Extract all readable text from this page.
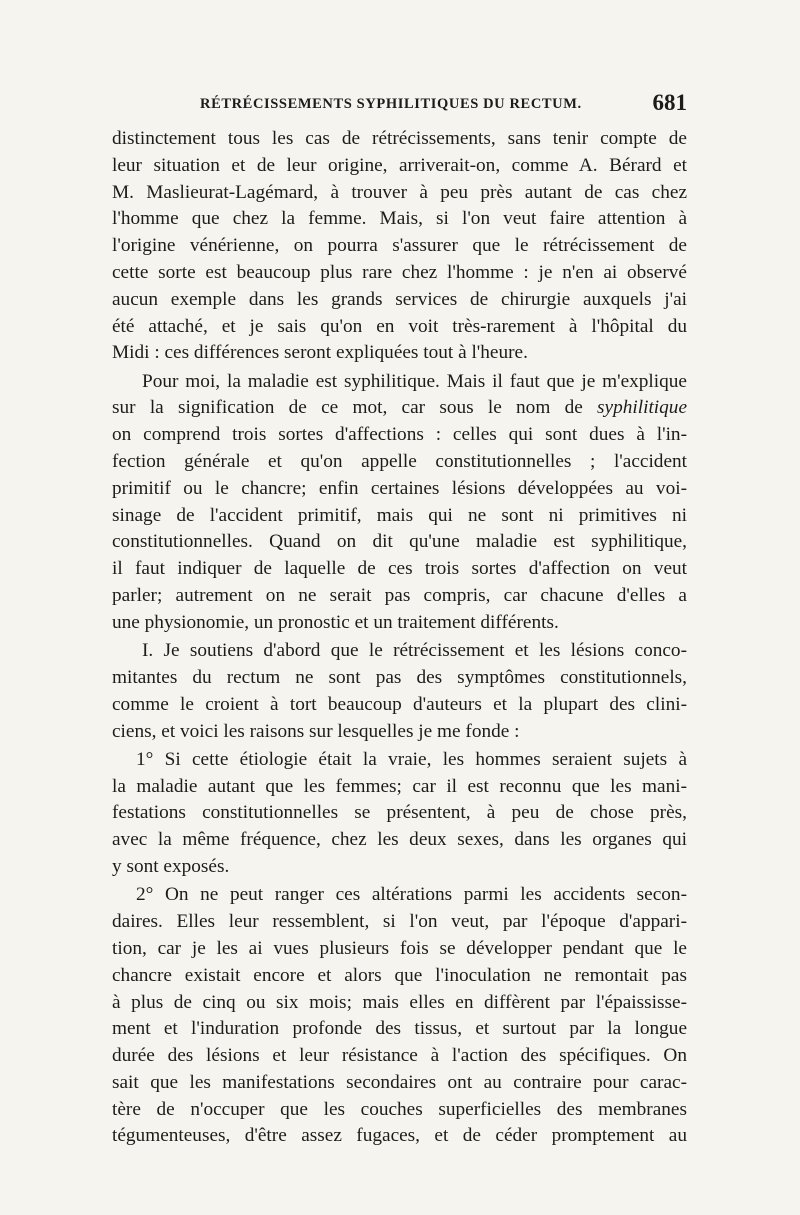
RÉTRÉCISSEMENTS SYPHILITIQUES DU RECTUM.	681
distinctement tous les cas de rétrécissements, sans tenir compte de
leur situation et de leur origine, arriverait-on, comme A. Bérard et
M. Maslieurat-Lagémard, à trouver à peu près autant de cas chez
l'homme que chez la femme. Mais, si l'on veut faire attention à
l'origine vénérienne, on pourra s'assurer que le rétrécissement de
cette sorte est beaucoup plus rare chez l'homme : je n'en ai observé
aucun exemple dans les grands services de chirurgie auxquels j'ai
été attaché, et je sais qu'on en voit très-rarement à l'hôpital du
Midi : ces différences seront expliquées tout à l'heure.
Pour moi, la maladie est syphilitique. Mais il faut que je m'explique
sur la signification de ce mot, car sous le nom de syphilitique
on comprend trois sortes d'affections : celles qui sont dues à l'in-
fection générale et qu'on appelle constitutionnelles ; l'accident
primitif ou le chancre; enfin certaines lésions développées au voi-
sinage de l'accident primitif, mais qui ne sont ni primitives ni
constitutionnelles. Quand on dit qu'une maladie est syphilitique,
il faut indiquer de laquelle de ces trois sortes d'affection on veut
parler; autrement on ne serait pas compris, car chacune d'elles a
une physionomie, un pronostic et un traitement différents.
I. Je soutiens d'abord que le rétrécissement et les lésions conco-
mitantes du rectum ne sont pas des symptômes constitutionnels,
comme le croient à tort beaucoup d'auteurs et la plupart des clini-
ciens, et voici les raisons sur lesquelles je me fonde :
1° Si cette étiologie était la vraie, les hommes seraient sujets à
la maladie autant que les femmes; car il est reconnu que les mani-
festations constitutionnelles se présentent, à peu de chose près,
avec la même fréquence, chez les deux sexes, dans les organes qui
y sont exposés.
2° On ne peut ranger ces altérations parmi les accidents secon-
daires. Elles leur ressemblent, si l'on veut, par l'époque d'appari-
tion, car je les ai vues plusieurs fois se développer pendant que le
chancre existait encore et alors que l'inoculation ne remontait pas
à plus de cinq ou six mois; mais elles en diffèrent par l'épaississe-
ment et l'induration profonde des tissus, et surtout par la longue
durée des lésions et leur résistance à l'action des spécifiques. On
sait que les manifestations secondaires ont au contraire pour carac-
tère de n'occuper que les couches superficielles des membranes
tégumenteuses, d'être assez fugaces, et de céder promptement au
